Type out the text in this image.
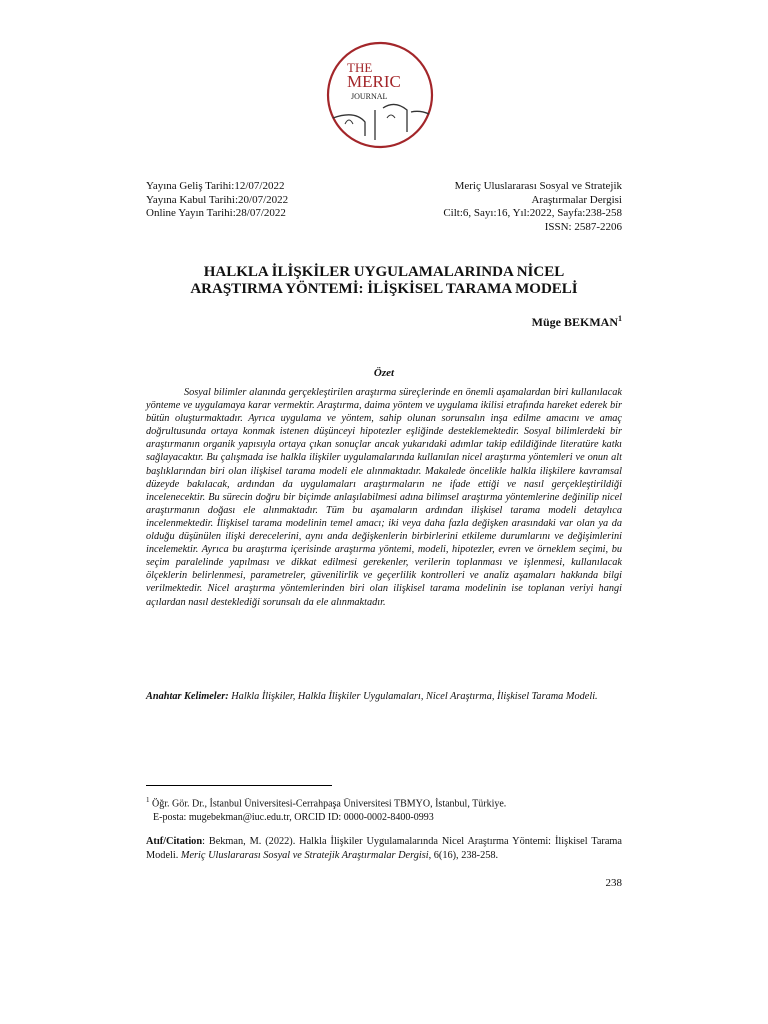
THE
MERIC
JOURNAL
Yayına Geliş Tarihi:12/07/2022
Yayına Kabul Tarihi:20/07/2022
Online Yayın Tarihi:28/07/2022
Meriç Uluslararası Sosyal ve Stratejik
Araştırmalar Dergisi
Cilt:6, Sayı:16, Yıl:2022, Sayfa:238-258
ISSN: 2587-2206
HALKLA İLİŞKİLER UYGULAMALARINDA NİCEL
ARAŞTIRMA YÖNTEMİ: İLİŞKİSEL TARAMA MODELİ
Müge BEKMAN$^1$
Özet

Sosyal bilimler alanında gerçekleştirilen araştırma süreçlerinde en önemli aşamalardan biri kullanılacak yönteme ve uygulamaya karar vermektir. Araştırma, daima yöntem ve uygulama ikilisi etrafında hareket ederek bir bütün oluşturmaktadır. Ayrıca uygulama ve yöntem, sahip olunan sorunsalın inşa edilme amacını ve amaç doğrultusunda ortaya konmak istenen düşünceyi hipotezler eşliğinde desteklemektedir. Sosyal bilimlerdeki bir araştırmanın organik yapısıyla ortaya çıkan sonuçlar ancak yukarıdaki adımlar takip edildiğinde literatüre katkı sağlayacaktır. Bu çalışmada ise halkla ilişkiler uygulamalarında kullanılan nicel araştırma yöntemleri ve onun alt başlıklarından biri olan ilişkisel tarama modeli ele alınmaktadır. Makalede öncelikle halkla ilişkilere kavramsal düzeyde bakılacak, ardından da uygulamaları araştırmaların ne ifade ettiği ve nasıl gerçekleştirildiği incelenecektir. Bu sürecin doğru bir biçimde anlaşılabilmesi adına bilimsel araştırma yöntemlerine değinilip nicel araştırmanın doğası ele alınmaktadır. Tüm bu aşamaların ardından ilişkisel tarama modeli detaylıca incelenmektedir. İlişkisel tarama modelinin temel amacı; iki veya daha fazla değişken arasındaki var olan ya da olduğu düşünülen ilişki derecelerini, aynı anda değişkenlerin birbirlerini etkileme durumlarını ve değişimlerini incelemektir. Ayrıca bu araştırma içerisinde araştırma yöntemi, modeli, hipotezler, evren ve örneklem seçimi, bu seçim paralelinde yapılması ve dikkat edilmesi gerekenler, verilerin toplanması ve işlenmesi, kullanılacak ölçeklerin belirlenmesi, parametreler, güvenilirlik ve geçerlilik kontrolleri ve analiz aşamaları hakkında bilgi verilmektedir. Nicel araştırma yöntemlerinden biri olan ilişkisel tarama modelinin ise toplanan veriyi hangi açılardan nasıl desteklediği sorunsalı da ele alınmaktadır.

Anahtar Kelimeler: Halkla İlişkiler, Halkla İlişkiler Uygulamaları, Nicel Araştırma, İlişkisel Tarama Modeli.

$^1$ Öğr. Gör. Dr., İstanbul Üniversitesi-Cerrahpaşa Üniversitesi TBMYO, İstanbul, Türkiye.
E-posta: mugebekman@iuc.edu.tr, ORCID ID: 0000-0002-8400-0993

Atıf/Citation: Bekman, M. (2022). Halkla İlişkiler Uygulamalarında Nicel Araştırma Yöntemi: İlişkisel Tarama Modeli. Meriç Uluslararası Sosyal ve Stratejik Araştırmalar Dergisi, 6(16), 238-258.

238
